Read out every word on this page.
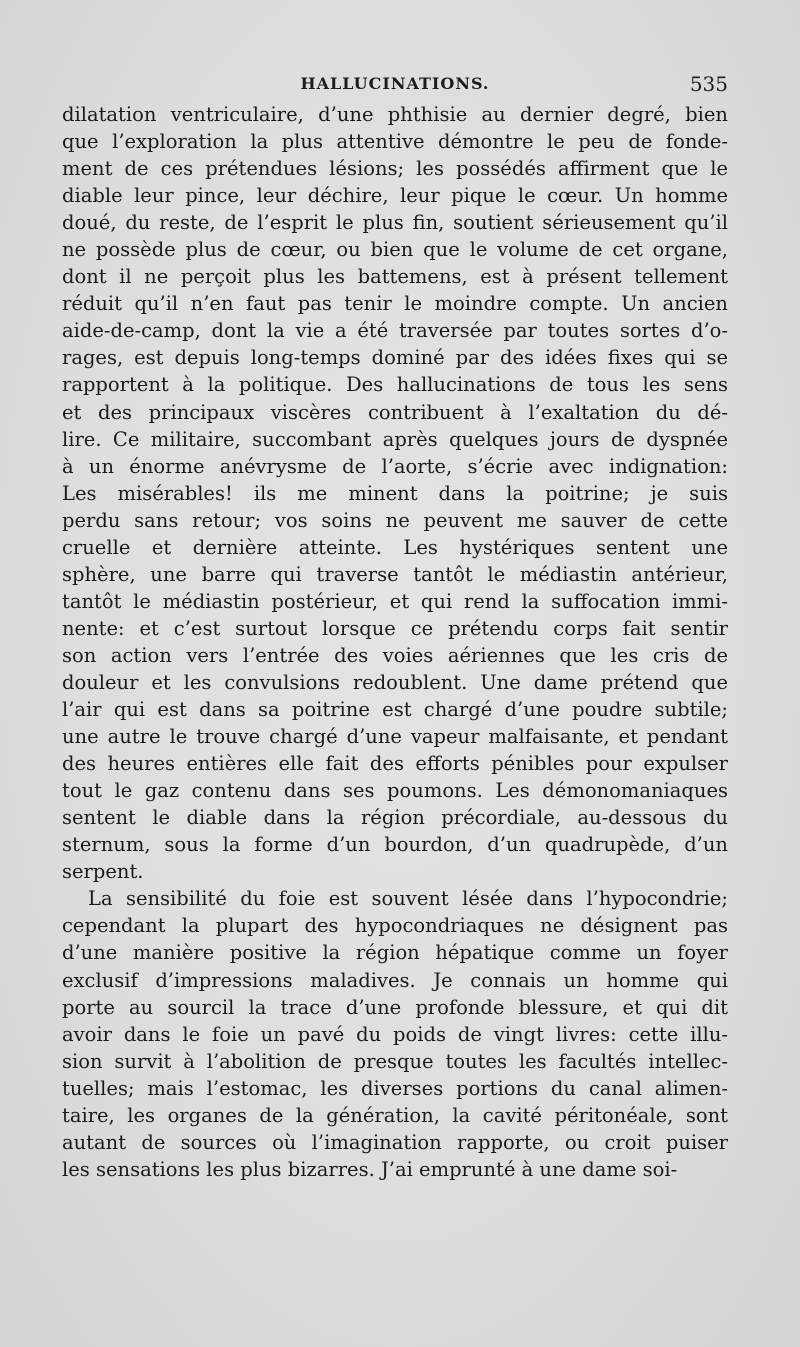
HALLUCINATIONS.	535
dilatation ventriculaire, d’une phthisie au dernier degré, bien
que l’exploration la plus attentive démontre le peu de fonde-
ment de ces prétendues lésions; les possédés affirment que le
diable leur pince, leur déchire, leur pique le cœur. Un homme
doué, du reste, de l’esprit le plus fin, soutient sérieusement qu’il
ne possède plus de cœur, ou bien que le volume de cet organe,
dont il ne perçoit plus les battemens, est à présent tellement
réduit qu’il n’en faut pas tenir le moindre compte. Un ancien
aide-de-camp, dont la vie a été traversée par toutes sortes d’o-
rages, est depuis long-temps dominé par des idées fixes qui se
rapportent à la politique. Des hallucinations de tous les sens
et des principaux viscères contribuent à l’exaltation du dé-
lire. Ce militaire, succombant après quelques jours de dyspnée
à un énorme anévrysme de l’aorte, s’écrie avec indignation:
Les misérables! ils me minent dans la poitrine; je suis
perdu sans retour; vos soins ne peuvent me sauver de cette
cruelle et dernière atteinte. Les hystériques sentent une
sphère, une barre qui traverse tantôt le médiastin antérieur,
tantôt le médiastin postérieur, et qui rend la suffocation immi-
nente: et c’est surtout lorsque ce prétendu corps fait sentir
son action vers l’entrée des voies aériennes que les cris de
douleur et les convulsions redoublent. Une dame prétend que
l’air qui est dans sa poitrine est chargé d’une poudre subtile;
une autre le trouve chargé d’une vapeur malfaisante, et pendant
des heures entières elle fait des efforts pénibles pour expulser
tout le gaz contenu dans ses poumons. Les démonomaniaques
sentent le diable dans la région précordiale, au-dessous du
sternum, sous la forme d’un bourdon, d’un quadrupède, d’un
serpent.
La sensibilité du foie est souvent lésée dans l’hypocondrie;
cependant la plupart des hypocondriaques ne désignent pas
d’une manière positive la région hépatique comme un foyer
exclusif d’impressions maladives. Je connais un homme qui
porte au sourcil la trace d’une profonde blessure, et qui dit
avoir dans le foie un pavé du poids de vingt livres: cette illu-
sion survit à l’abolition de presque toutes les facultés intellec-
tuelles; mais l’estomac, les diverses portions du canal alimen-
taire, les organes de la génération, la cavité péritonéale, sont
autant de sources où l’imagination rapporte, ou croit puiser
les sensations les plus bizarres. J’ai emprunté à une dame soi-
